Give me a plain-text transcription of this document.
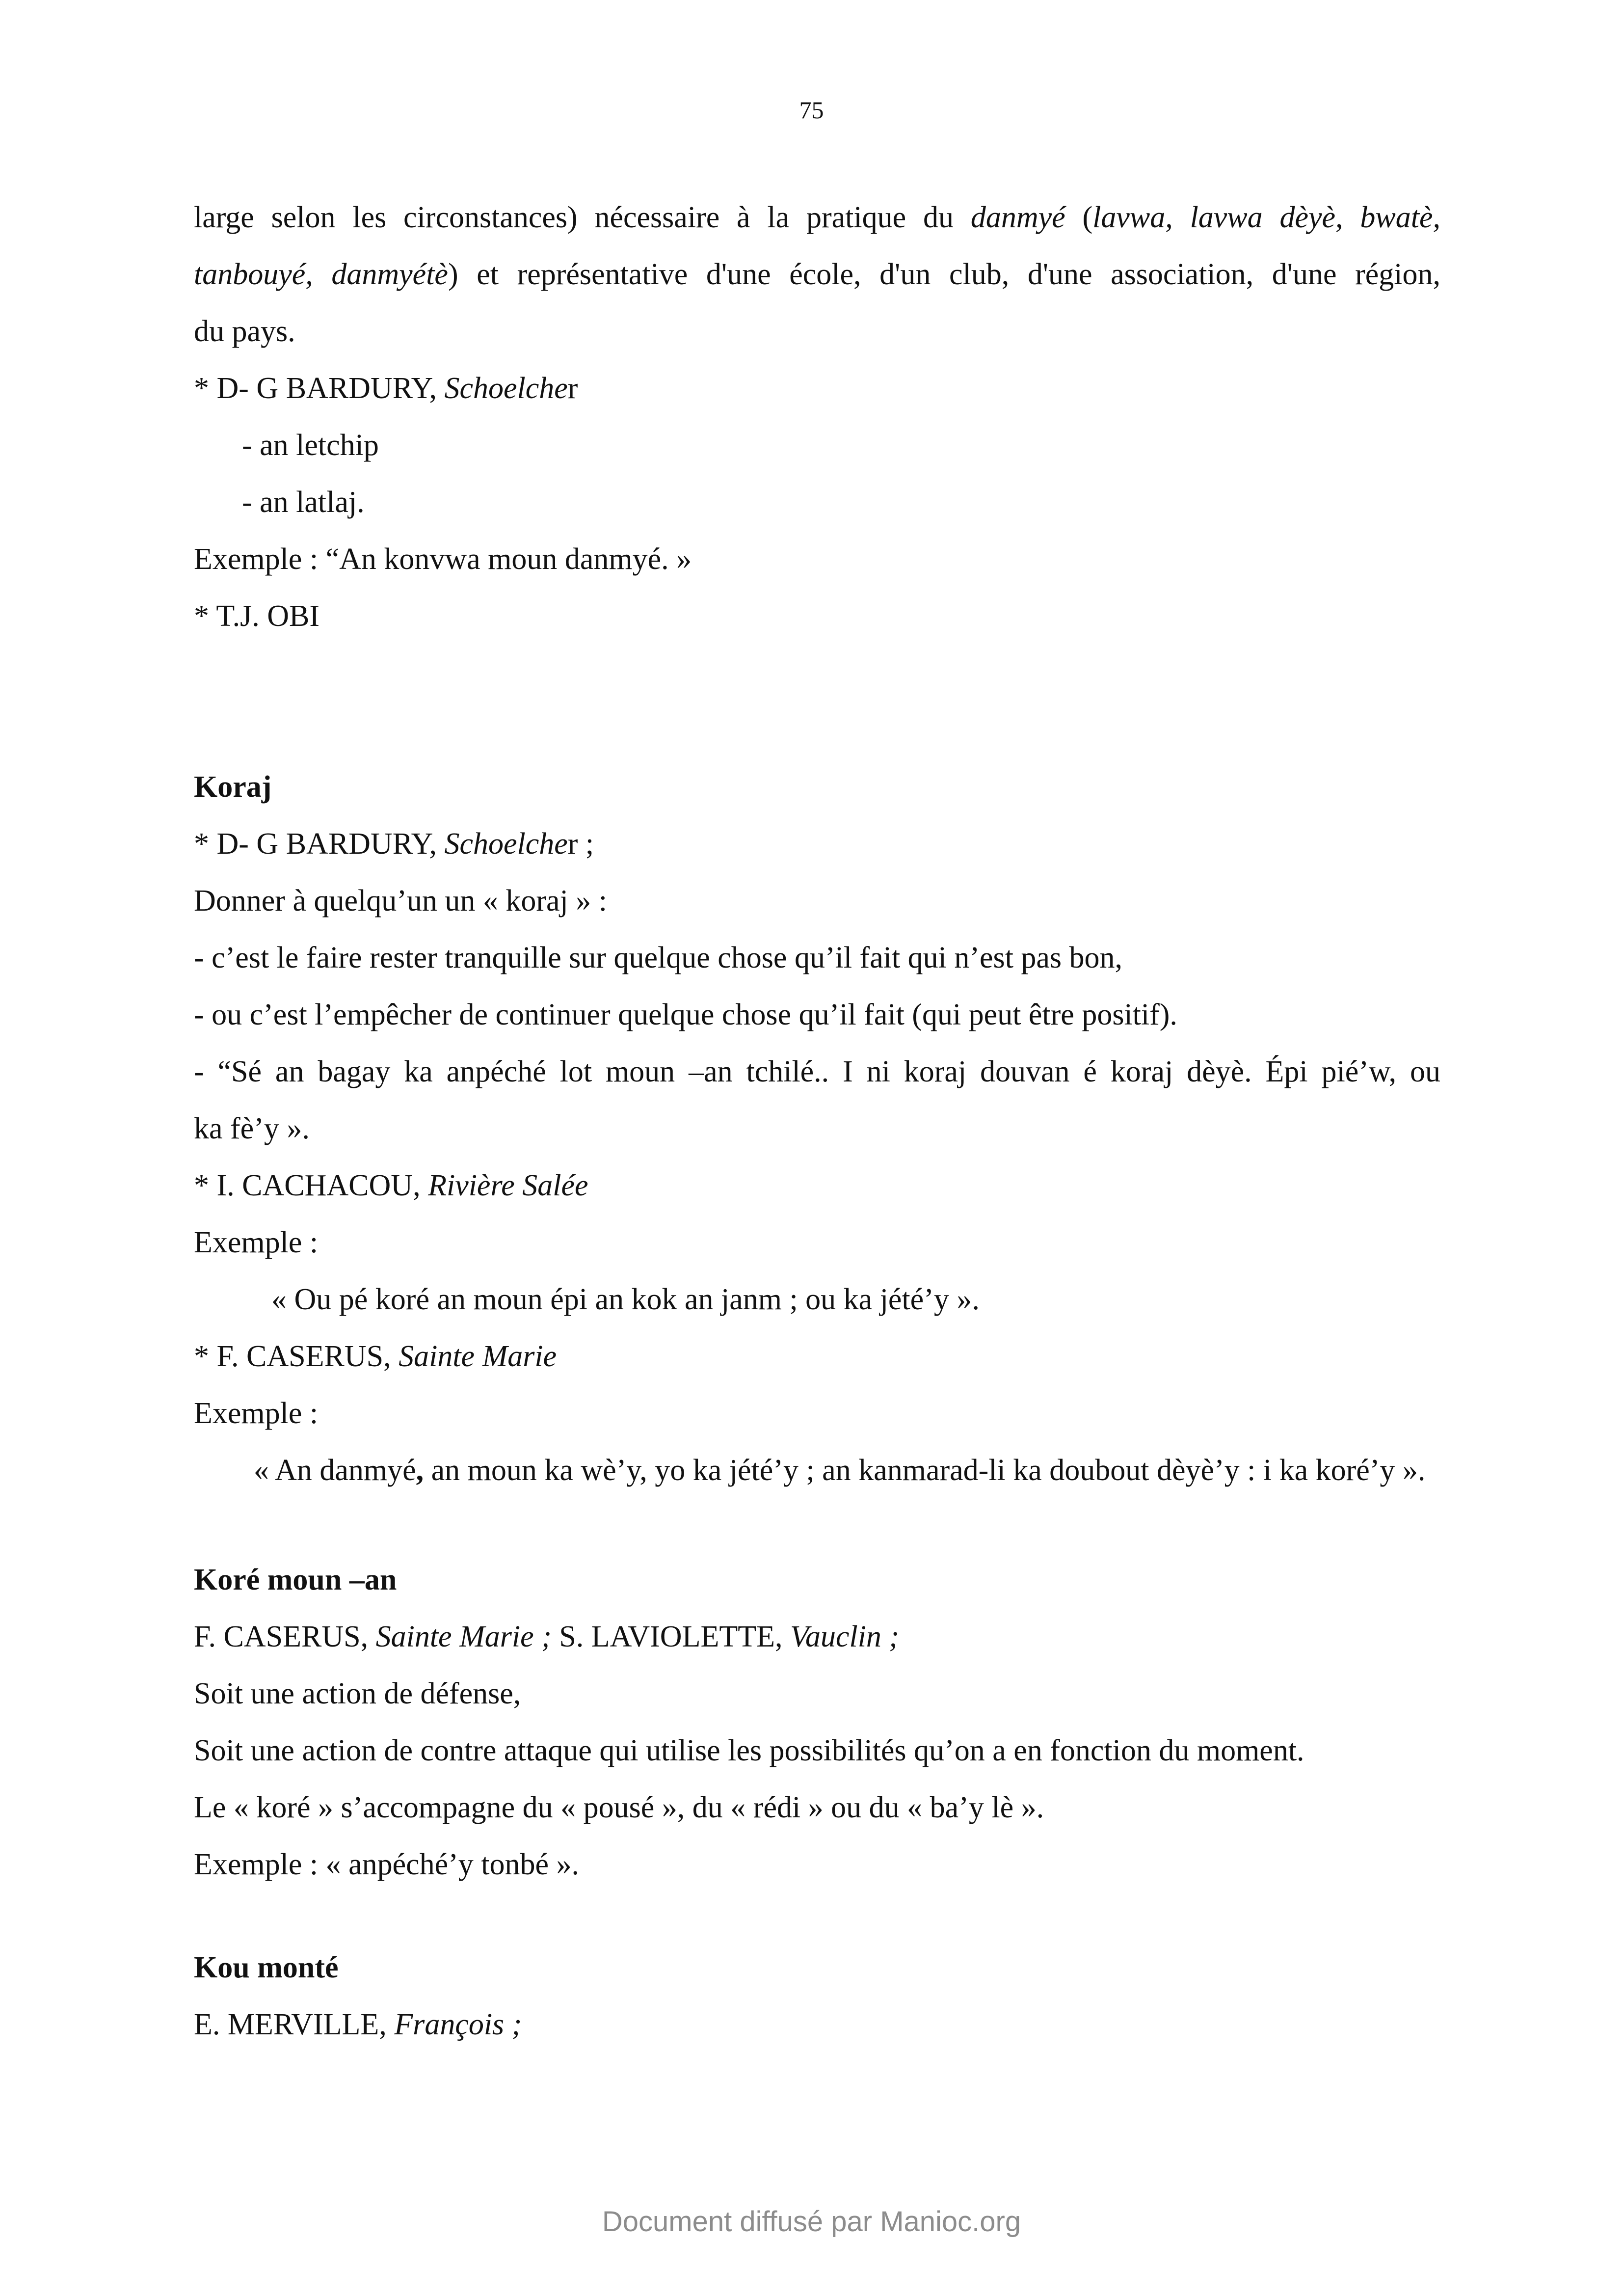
75

large selon les circonstances) nécessaire à la pratique du danmyé (lavwa, lavwa dèyè, bwatè,

tanbouyé, danmyétè) et représentative d'une école, d'un club, d'une association, d'une région,

du pays.

* D- G BARDURY, Schoelcher

- an letchip

- an latlaj.

Exemple : “An konvwa moun danmyé. »

* T.J. OBI

Koraj

* D- G BARDURY, Schoelcher ;

Donner à quelqu’un un « koraj » :

- c’est le faire rester tranquille sur quelque chose qu’il fait qui n’est pas bon,

- ou c’est l’empêcher de continuer quelque chose qu’il fait (qui peut être positif).

- “Sé an bagay ka anpéché lot moun –an tchilé.. I ni koraj douvan é koraj dèyè. Épi pié’w, ou

ka fè’y ».

* I. CACHACOU, Rivière Salée

Exemple :

« Ou pé koré an moun épi an kok an janm ; ou ka jété’y ».

* F. CASERUS, Sainte Marie

Exemple :

« An danmyé, an moun ka wè’y, yo ka jété’y ; an kanmarad-li ka doubout dèyè’y : i ka koré’y ».

Koré moun –an

F. CASERUS, Sainte Marie ; S. LAVIOLETTE, Vauclin ;

Soit une action de défense,

Soit une action de contre attaque qui utilise les possibilités qu’on a en fonction du moment.

Le « koré » s’accompagne du « pousé », du « rédi » ou du « ba’y lè ».

Exemple : « anpéché’y tonbé ».

Kou monté

E. MERVILLE, François ;

Document diffusé par Manioc.org
